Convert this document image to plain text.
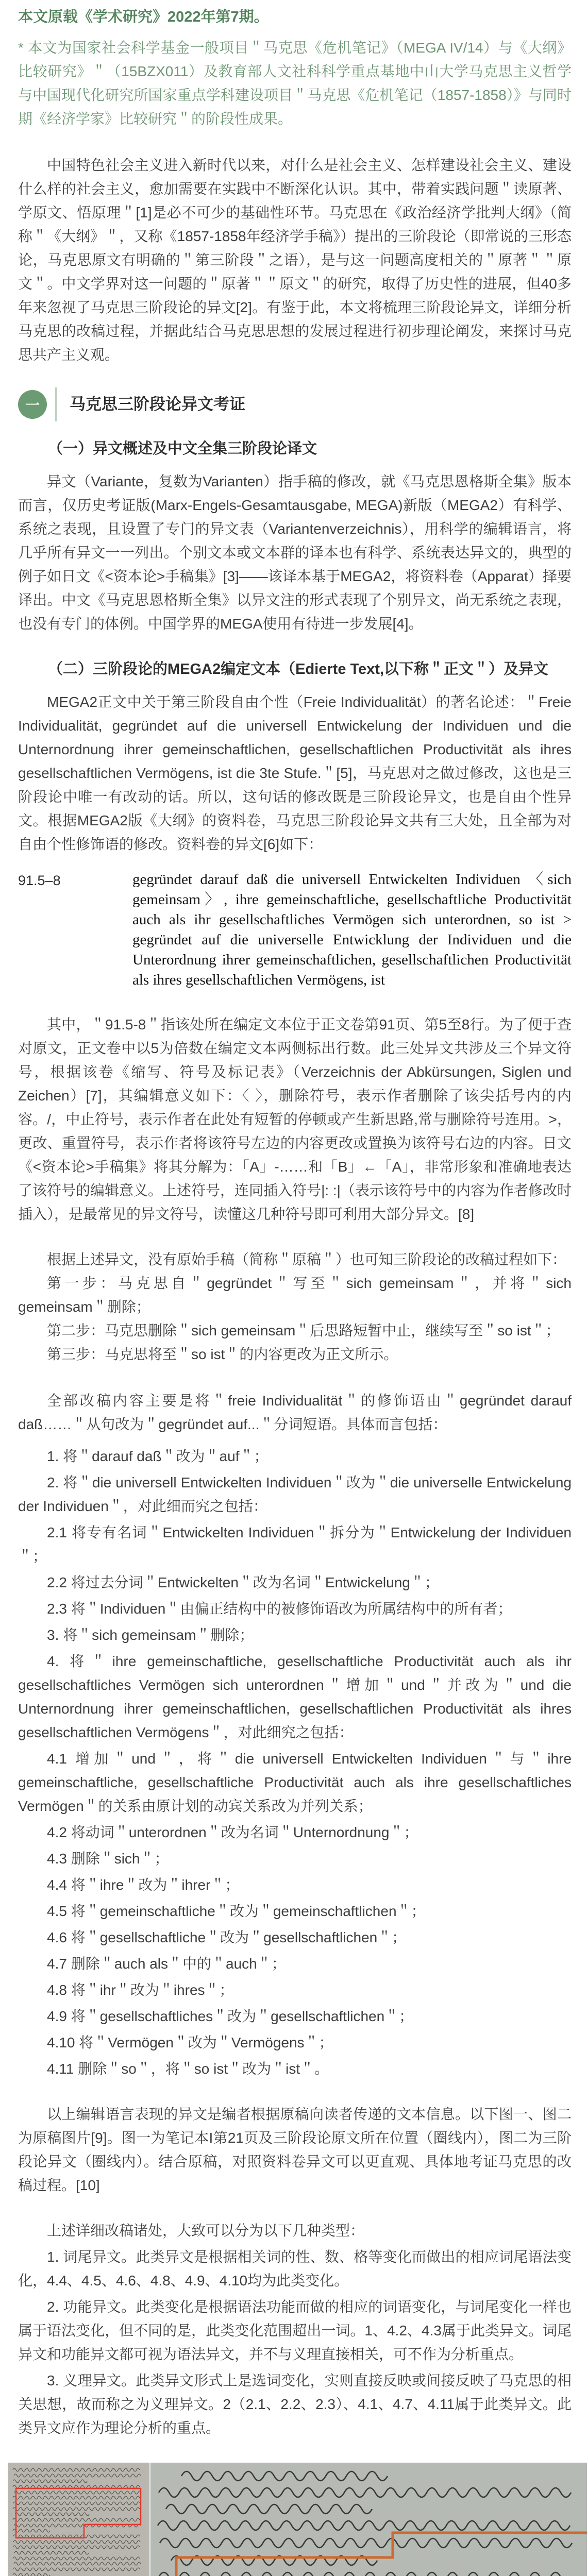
本文原载《学术研究》2022年第7期。

* 本文为国家社会科学基金一般项目＂马克思《危机笔记》（MEGA IV/14）与《大纲》比较研究》＂（15BZX011）及教育部人文社科科学重点基地中山大学马克思主义哲学与中国现代化研究所国家重点学科建设项目＂马克思《危机笔记（1857-1858）》与同时期《经济学家》比较研究＂的阶段性成果。

中国特色社会主义进入新时代以来，对什么是社会主义、怎样建设社会主义、建设什么样的社会主义，愈加需要在实践中不断深化认识。其中，带着实践问题＂读原著、学原文、悟原理＂[1]是必不可少的基础性环节。马克思在《政治经济学批判大纲》（简称＂《大纲》＂，又称《1857-1858年经济学手稿》）提出的三阶段论（即常说的三形态论，马克思原文有明确的＂第三阶段＂之语），是与这一问题高度相关的＂原著＂＂原文＂。中文学界对这一问题的＂原著＂＂原文＂的研究，取得了历史性的进展，但40多年来忽视了马克思三阶段论的异文[2]。有鉴于此，本文将梳理三阶段论异文，详细分析马克思的改稿过程，并据此结合马克思思想的发展过程进行初步理论阐发，来探讨马克思共产主义观。

一	马克思三阶段论异文考证

（一）异文概述及中文全集三阶段论译文

异文（Variante，复数为Varianten）指手稿的修改，就《马克思恩格斯全集》版本而言，仅历史考证版(Marx-Engels-Gesamtausgabe, MEGA)新版（MEGA2）有科学、系统之表现，且设置了专门的异文表（Variantenverzeichnis），用科学的编辑语言，将几乎所有异文一一列出。个别文本或文本群的译本也有科学、系统表达异文的，典型的例子如日文《<资本论>手稿集》[3]——该译本基于MEGA2，将资料卷（Apparat）择要译出。中文《马克思恩格斯全集》以异文注的形式表现了个别异文，尚无系统之表现，也没有专门的体例。中国学界的MEGA使用有待进一步发展[4]。

（二）三阶段论的MEGA2编定文本（Edierte Text,以下称＂正文＂）及异文

MEGA2正文中关于第三阶段自由个性（Freie Individualität）的著名论述：＂Freie Individualität, gegründet auf die universell Entwickelung der Individuen und die Unternordnung ihrer gemeinschaftlichen, gesellschaftlichen Productivität als ihres gesellschaftlichen Vermögens, ist die 3te Stufe.＂[5]，马克思对之做过修改，这也是三阶段论中唯一有改动的话。所以，这句话的修改既是三阶段论异文，也是自由个性异文。根据MEGA2版《大纲》的资料卷，马克思三阶段论异文共有三大处，且全部为对自由个性修饰语的修改。资料卷的异文[6]如下：

91.5–8	gegründet darauf daß die universell Entwickelten Individuen 〈sich gemeinsam〉, ihre gemeinschaftliche, gesellschaftliche Productivität auch als ihr gesellschaftliches Vermögen sich unterordnen, so ist > gegründet auf die universelle Entwicklung der Individuen und die Unterordnung ihrer gemeinschaftlichen, gesellschaftlichen Productivität als ihres gesellschaftlichen Vermögens, ist

其中，＂91.5-8＂指该处所在编定文本位于正文卷第91页、第5至8行。为了便于查对原文，正文卷中以5为倍数在编定文本两侧标出行数。此三处异文共涉及三个异文符号，根据该卷《缩写、符号及标记表》（Verzeichnis der Abkürsungen, Siglen und Zeichen）[7]，其编辑意义如下：〈 〉，删除符号，表示作者删除了该尖括号内的内容。/，中止符号，表示作者在此处有短暂的停顿或产生新思路,常与删除符号连用。>，更改、重置符号，表示作者将该符号左边的内容更改或置换为该符号右边的内容。日文《<资本论>手稿集》将其分解为：「A」-……和「B」←「A」，非常形象和准确地表达了该符号的编辑意义。上述符号，连同插入符号|: :|（表示该符号中的内容为作者修改时插入），是最常见的异文符号，读懂这几种符号即可利用大部分异文。[8]

根据上述异文，没有原始手稿（简称＂原稿＂）也可知三阶段论的改稿过程如下：

第一步：马克思自＂gegründet＂写至＂sich gemeinsam＂，并将＂sich gemeinsam＂删除；

第二步：马克思删除＂sich gemeinsam＂后思路短暂中止，继续写至＂so ist＂；

第三步：马克思将至＂so ist＂的内容更改为正文所示。

全部改稿内容主要是将＂freie Individualität＂的修饰语由＂gegründet darauf daß……＂从句改为＂gegründet auf...＂分词短语。具体而言包括：

1. 将＂darauf daß＂改为＂auf＂；

2. 将＂die universell Entwickelten Individuen＂改为＂die universelle Entwickelung der Individuen＂，对此细而究之包括：

2.1 将专有名词＂Entwickelten Individuen＂拆分为＂Entwickelung der Individuen＂；

2.2 将过去分词＂Entwickelten＂改为名词＂Entwickelung＂；

2.3 将＂Individuen＂由偏正结构中的被修饰语改为所属结构中的所有者；

3. 将＂sich gemeinsam＂删除；

4. 将＂ihre gemeinschaftliche, gesellschaftliche Productivität auch als ihr gesellschaftliches Vermögen sich unterordnen＂增加＂und＂并改为＂und die Unternordnung ihrer gemeinschaftlichen, gesellschaftlichen Productivität als ihres gesellschaftlichen Vermögens＂，对此细究之包括：

4.1 增加＂und＂，将＂die universell Entwickelten Individuen＂与＂ihre gemeinschaftliche, gesellschaftliche Productivität auch als ihre gesellschaftliches Vermögen＂的关系由原计划的动宾关系改为并列关系；

4.2 将动词＂unterordnen＂改为名词＂Unternordnung＂；

4.3 删除＂sich＂；

4.4 将＂ihre＂改为＂ihrer＂；

4.5 将＂gemeinschaftliche＂改为＂gemeinschaftlichen＂；

4.6 将＂gesellschaftliche＂改为＂gesellschaftlichen＂；

4.7 删除＂auch als＂中的＂auch＂；

4.8 将＂ihr＂改为＂ihres＂；

4.9 将＂gesellschaftliches＂改为＂gesellschaftlichen＂；

4.10 将＂Vermögen＂改为＂Vermögens＂；

4.11 删除＂so＂，将＂so ist＂改为＂ist＂。

以上编辑语言表现的异文是编者根据原稿向读者传递的文本信息。以下图一、图二为原稿图片[9]。图一为笔记本I第21页及三阶段论原文所在位置（圈线内），图二为三阶段论异文（圈线内）。结合原稿，对照资料卷异文可以更直观、具体地考证马克思的改稿过程。[10]

上述详细改稿诸处，大致可以分为以下几种类型：

1. 词尾异文。此类异文是根据相关词的性、数、格等变化而做出的相应词尾语法变化，4.4、4.5、4.6、4.8、4.9、4.10均为此类变化。

2. 功能异文。此类变化是根据语法功能而做的相应的词语变化，与词尾变化一样也属于语法变化，但不同的是，此类变化范围超出一词。1、4.2、4.3属于此类异文。词尾异文和功能异文都可视为语法异文，并不与义理直接相关，可不作为分析重点。

3. 义理异文。此类异文形式上是选词变化，实则直接反映或间接反映了马克思的相关思想，故而称之为义理异文。2（2.1、2.2、2.3）、4.1、4.7、4.11属于此类异文。此类异文应作为理论分析的重点。
